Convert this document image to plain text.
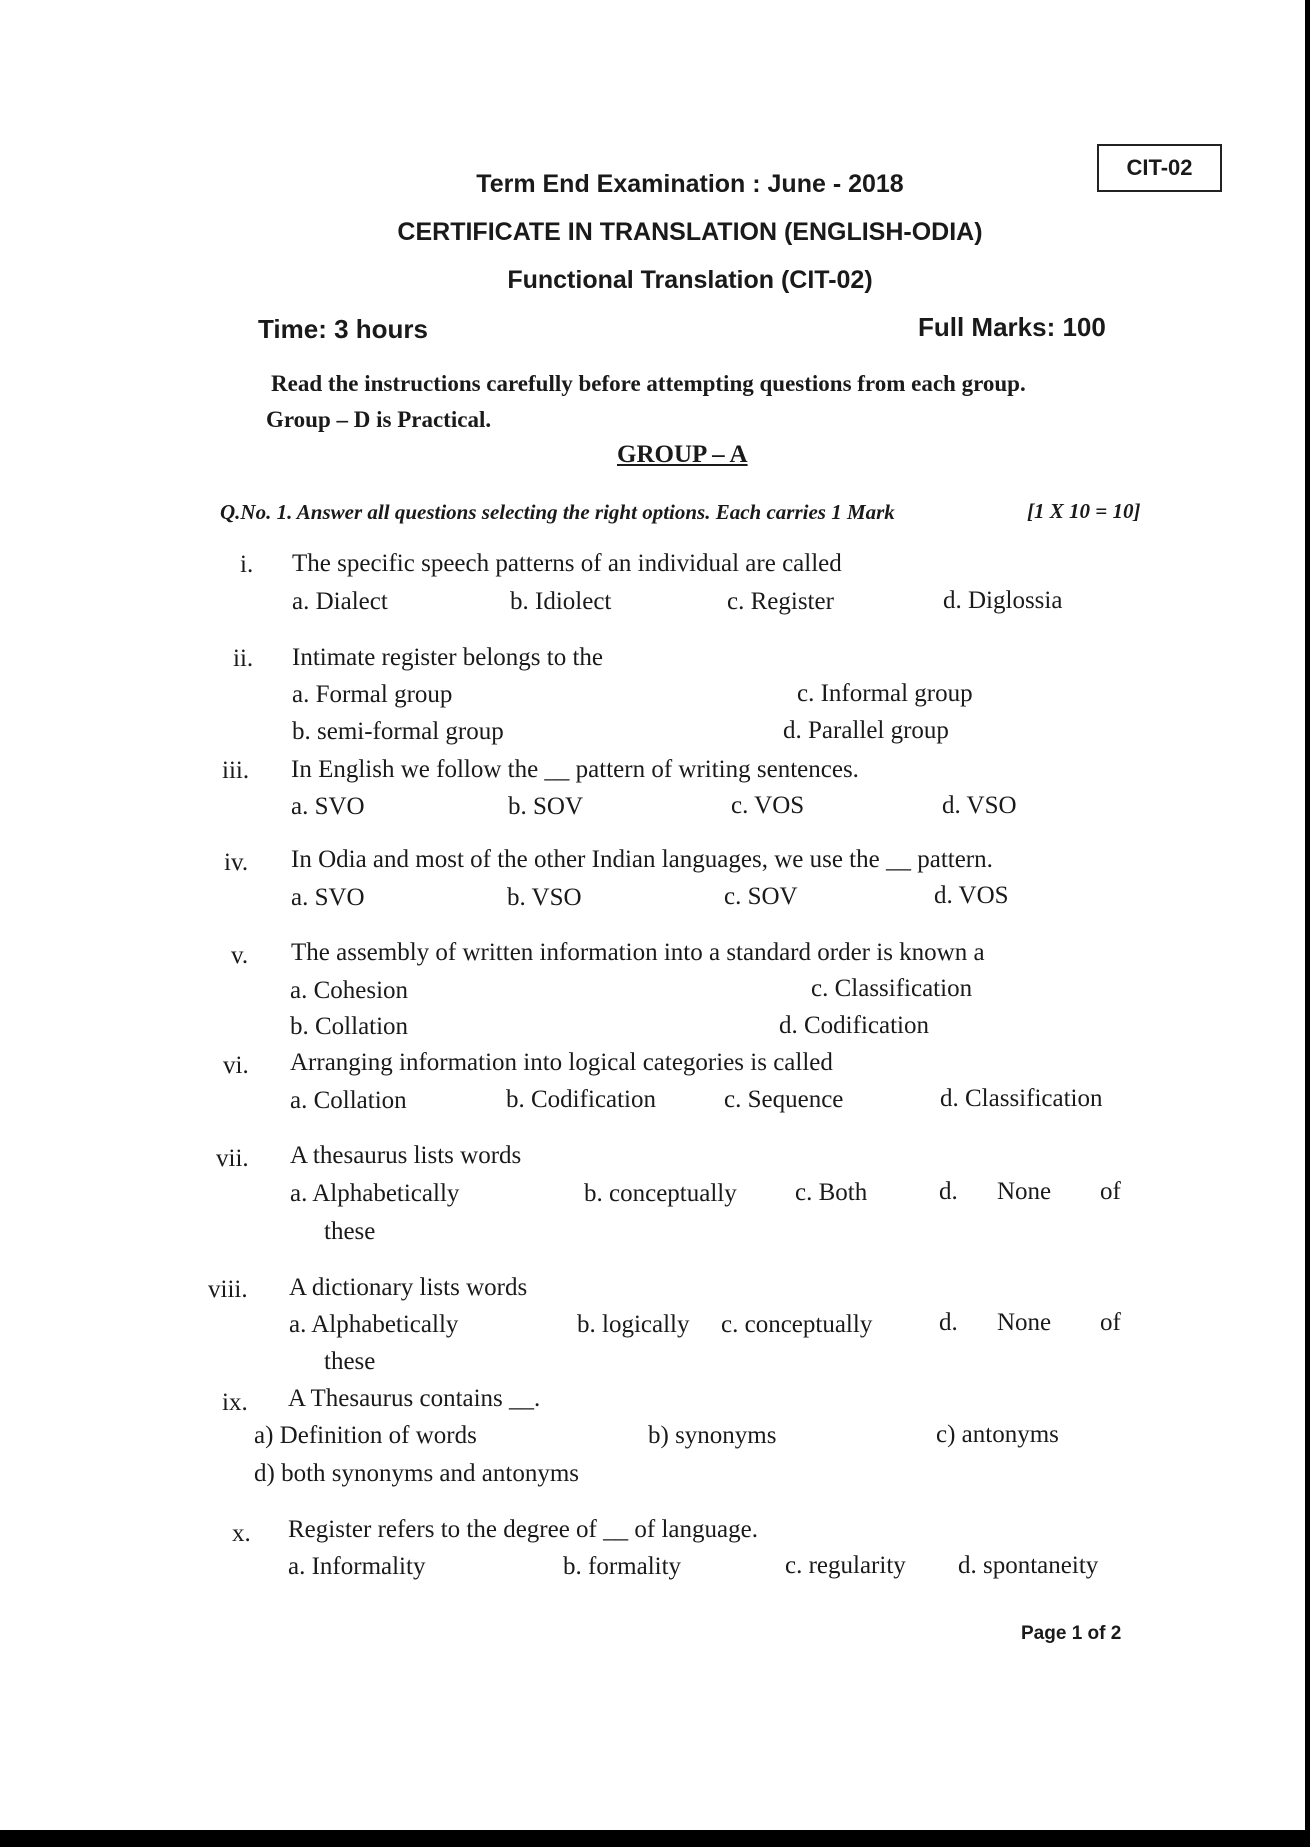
CIT-02
Term End Examination : June - 2018
CERTIFICATE IN TRANSLATION (ENGLISH-ODIA)
Functional Translation (CIT-02)
Time: 3 hours	Full Marks: 100
Read the instructions carefully before attempting questions from each group.
Group – D is Practical.
GROUP – A
Q.No. 1. Answer all questions selecting the right options. Each carries 1 Mark	[1 X 10 = 10]
i. The specific speech patterns of an individual are called
a. Dialect	b. Idiolect	c. Register	d. Diglossia
ii. Intimate register belongs to the
a. Formal group	c. Informal group
b. semi-formal group	d. Parallel group
iii. In English we follow the __ pattern of writing sentences.
a. SVO	b. SOV	c. VOS	d. VSO
iv. In Odia and most of the other Indian languages, we use the __ pattern.
a. SVO	b. VSO	c. SOV	d. VOS
v. The assembly of written information into a standard order is known a
a. Cohesion	c. Classification
b. Collation	d. Codification
vi. Arranging information into logical categories is called
a. Collation	b. Codification	c. Sequence	d. Classification
vii. A thesaurus lists words
a. Alphabetically	b. conceptually c. Both	d. None of
these
viii. A dictionary lists words
a. Alphabetically	b. logically c. conceptually	d. None of
these
ix. A Thesaurus contains __.
a) Definition of words	b) synonyms	c) antonyms
d) both synonyms and antonyms
x. Register refers to the degree of __ of language.
a. Informality	b. formality	c. regularity d. spontaneity
Page 1 of 2
